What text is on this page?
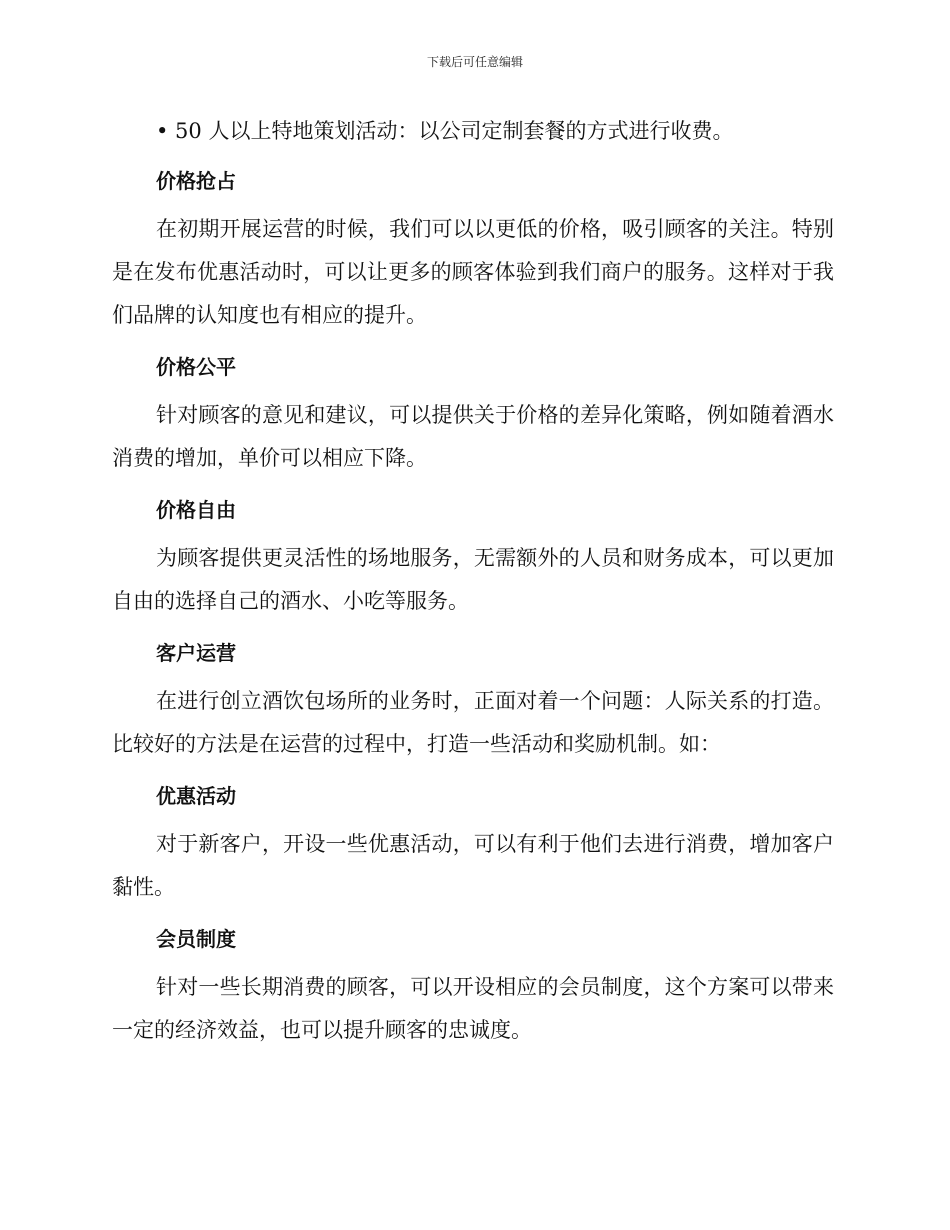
下载后可任意编辑

• 50 人以上特地策划活动：以公司定制套餐的方式进行收费。

价格抢占

在初期开展运营的时候，我们可以以更低的价格，吸引顾客的关注。特别是在发布优惠活动时，可以让更多的顾客体验到我们商户的服务。这样对于我们品牌的认知度也有相应的提升。

价格公平

针对顾客的意见和建议，可以提供关于价格的差异化策略，例如随着酒水消费的增加，单价可以相应下降。

价格自由

为顾客提供更灵活性的场地服务，无需额外的人员和财务成本，可以更加自由的选择自己的酒水、小吃等服务。

客户运营

在进行创立酒饮包场所的业务时，正面对着一个问题：人际关系的打造。比较好的方法是在运营的过程中，打造一些活动和奖励机制。如：

优惠活动

对于新客户，开设一些优惠活动，可以有利于他们去进行消费，增加客户黏性。

会员制度

针对一些长期消费的顾客，可以开设相应的会员制度，这个方案可以带来一定的经济效益，也可以提升顾客的忠诚度。
